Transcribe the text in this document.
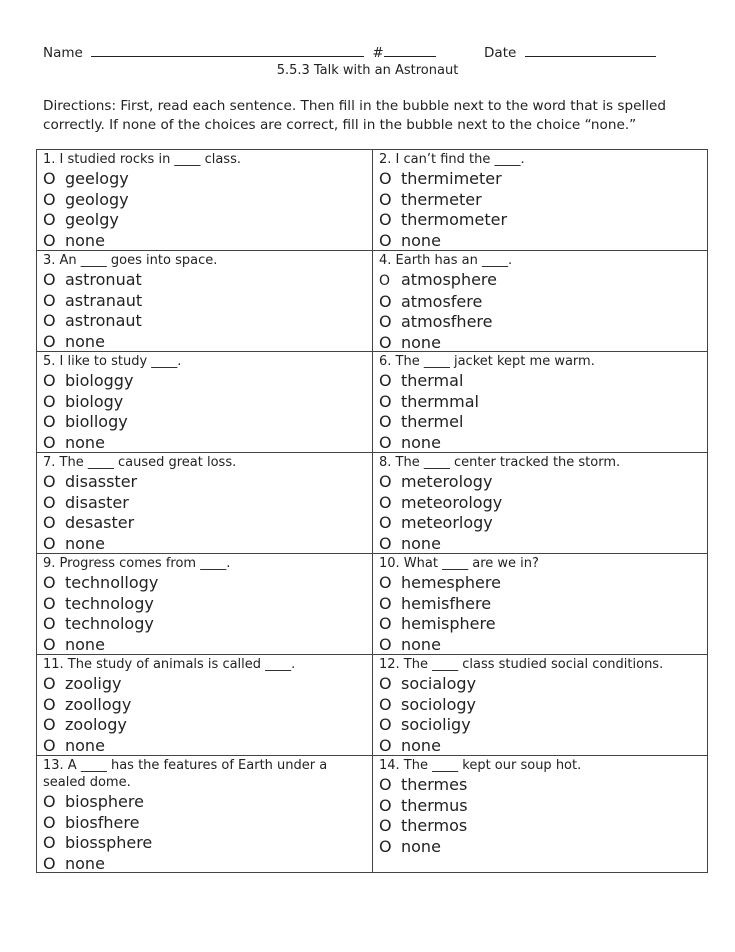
Name	#	Date
5.5.3 Talk with an Astronaut
Directions: First, read each sentence. Then fill in the bubble next to the word that is spelled correctly. If none of the choices are correct, fill in the bubble next to the choice “none.”
1. I studied rocks in ____ class.
O geelogy
O geology
O geolgy
O none
2. I can’t find the ____.
O thermimeter
O thermeter
O thermometer
O none
3. An ____ goes into space.
O astronuat
O astranaut
O astronaut
O none
4. Earth has an ____.
O atmosphere
O atmosfere
O atmosfhere
O none
5. I like to study ____.
O biologgy
O biology
O biollogy
O none
6. The ____ jacket kept me warm.
O thermal
O thermmal
O thermel
O none
7. The ____ caused great loss.
O disasster
O disaster
O desaster
O none
8. The ____ center tracked the storm.
O meterology
O meteorology
O meteorlogy
O none
9. Progress comes from ____.
O technollogy
O technology
O technology
O none
10. What ____ are we in?
O hemesphere
O hemisfhere
O hemisphere
O none
11. The study of animals is called ____.
O zooligy
O zoollogy
O zoology
O none
12. The ____ class studied social conditions.
O socialogy
O sociology
O socioligy
O none
13. A ____ has the features of Earth under a sealed dome.
O biosphere
O biosfhere
O biossphere
O none
14. The ____ kept our soup hot.
O thermes
O thermus
O thermos
O none
